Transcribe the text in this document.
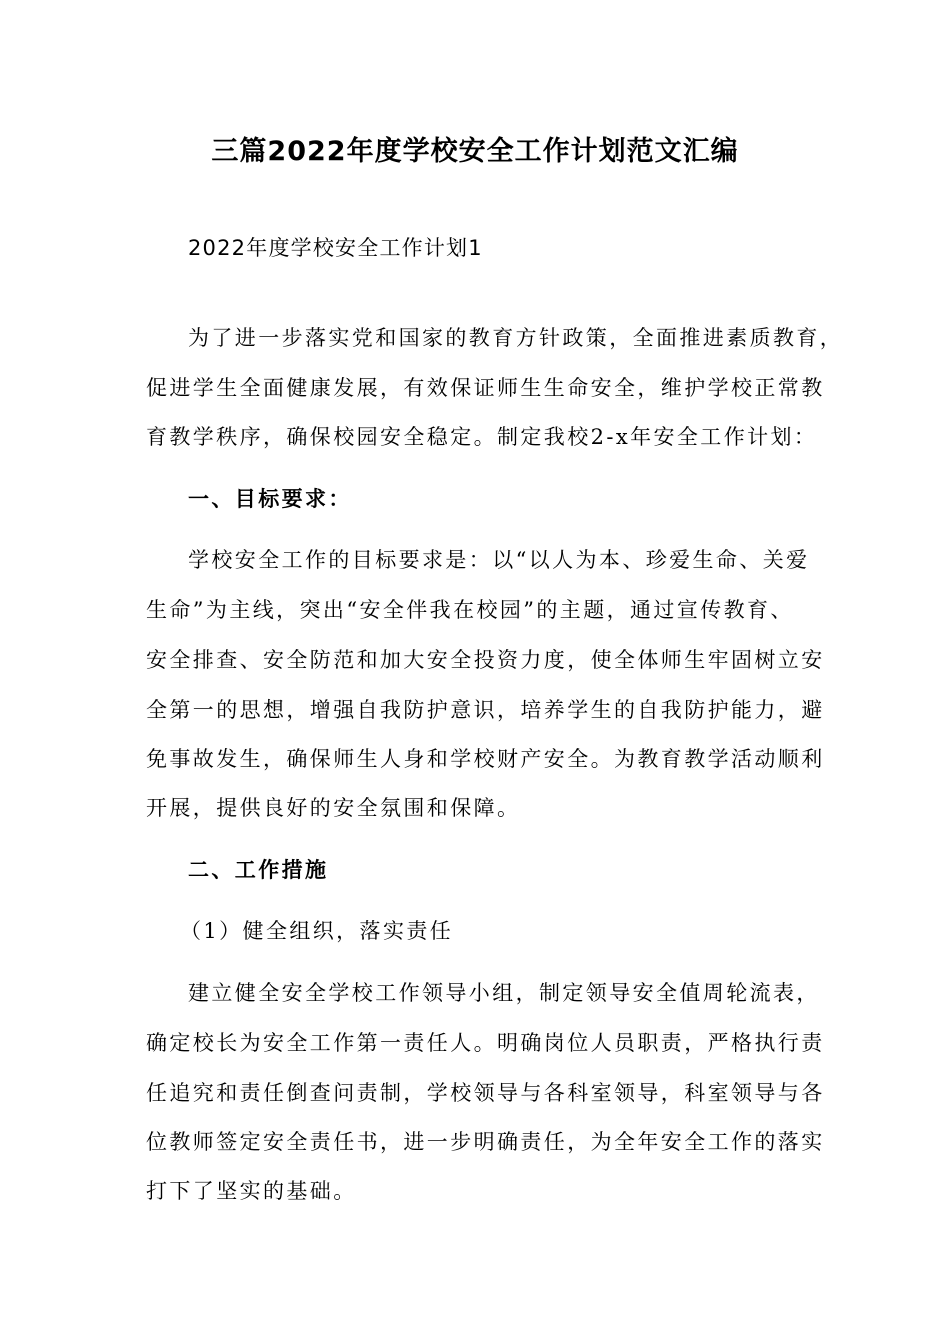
三篇2022年度学校安全工作计划范文汇编
2022年度学校安全工作计划1
为了进一步落实党和国家的教育方针政策，全面推进素质教育，
促进学生全面健康发展，有效保证师生生命安全，维护学校正常教
育教学秩序，确保校园安全稳定。制定我校2-x年安全工作计划：
一、目标要求：
学校安全工作的目标要求是：以“以人为本、珍爱生命、关爱
生命”为主线，突出“安全伴我在校园”的主题，通过宣传教育、
安全排查、安全防范和加大安全投资力度，使全体师生牢固树立安
全第一的思想，增强自我防护意识，培养学生的自我防护能力，避
免事故发生，确保师生人身和学校财产安全。为教育教学活动顺利
开展，提供良好的安全氛围和保障。
二、工作措施
（1）健全组织，落实责任
建立健全安全学校工作领导小组，制定领导安全值周轮流表，
确定校长为安全工作第一责任人。明确岗位人员职责，严格执行责
任追究和责任倒查问责制，学校领导与各科室领导，科室领导与各
位教师签定安全责任书，进一步明确责任，为全年安全工作的落实
打下了坚实的基础。
